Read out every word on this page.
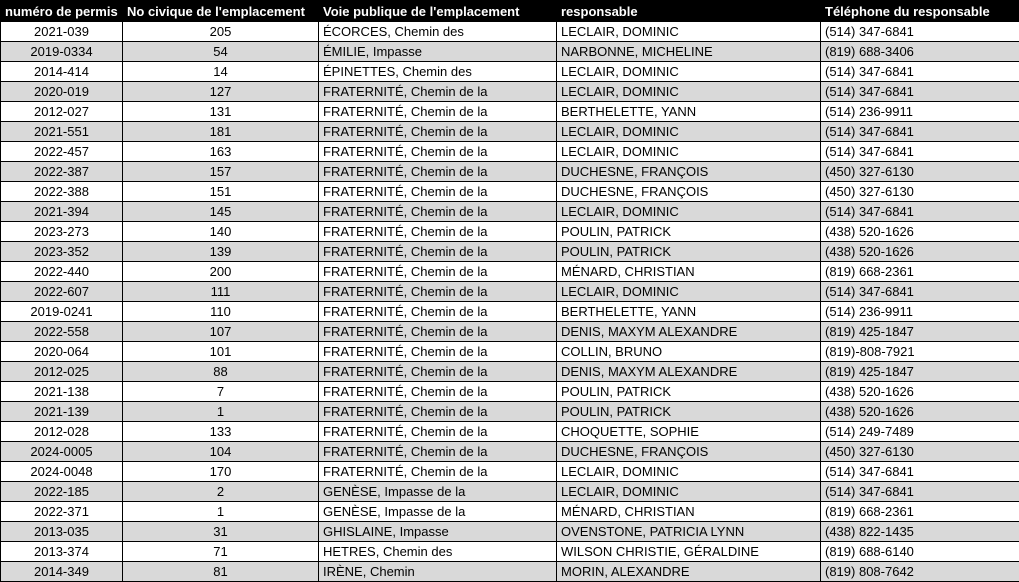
numéro de permis	No civique de l'emplacement	Voie publique de l'emplacement	responsable	Téléphone du responsable
2021-039	205	ÉCORCES, Chemin des	LECLAIR, DOMINIC	(514) 347-6841
2019-0334	54	ÉMILIE, Impasse	NARBONNE, MICHELINE	(819) 688-3406
2014-414	14	ÉPINETTES, Chemin des	LECLAIR, DOMINIC	(514) 347-6841
2020-019	127	FRATERNITÉ, Chemin de la	LECLAIR, DOMINIC	(514) 347-6841
2012-027	131	FRATERNITÉ, Chemin de la	BERTHELETTE, YANN	(514) 236-9911
2021-551	181	FRATERNITÉ, Chemin de la	LECLAIR, DOMINIC	(514) 347-6841
2022-457	163	FRATERNITÉ, Chemin de la	LECLAIR, DOMINIC	(514) 347-6841
2022-387	157	FRATERNITÉ, Chemin de la	DUCHESNE, FRANÇOIS	(450) 327-6130
2022-388	151	FRATERNITÉ, Chemin de la	DUCHESNE, FRANÇOIS	(450) 327-6130
2021-394	145	FRATERNITÉ, Chemin de la	LECLAIR, DOMINIC	(514) 347-6841
2023-273	140	FRATERNITÉ, Chemin de la	POULIN, PATRICK	(438) 520-1626
2023-352	139	FRATERNITÉ, Chemin de la	POULIN, PATRICK	(438) 520-1626
2022-440	200	FRATERNITÉ, Chemin de la	MÉNARD, CHRISTIAN	(819) 668-2361
2022-607	111	FRATERNITÉ, Chemin de la	LECLAIR, DOMINIC	(514) 347-6841
2019-0241	110	FRATERNITÉ, Chemin de la	BERTHELETTE, YANN	(514) 236-9911
2022-558	107	FRATERNITÉ, Chemin de la	DENIS, MAXYM ALEXANDRE	(819) 425-1847
2020-064	101	FRATERNITÉ, Chemin de la	COLLIN, BRUNO	(819)-808-7921
2012-025	88	FRATERNITÉ, Chemin de la	DENIS, MAXYM ALEXANDRE	(819) 425-1847
2021-138	7	FRATERNITÉ, Chemin de la	POULIN, PATRICK	(438) 520-1626
2021-139	1	FRATERNITÉ, Chemin de la	POULIN, PATRICK	(438) 520-1626
2012-028	133	FRATERNITÉ, Chemin de la	CHOQUETTE, SOPHIE	(514) 249-7489
2024-0005	104	FRATERNITÉ, Chemin de la	DUCHESNE, FRANÇOIS	(450) 327-6130
2024-0048	170	FRATERNITÉ, Chemin de la	LECLAIR, DOMINIC	(514) 347-6841
2022-185	2	GENÈSE, Impasse de la	LECLAIR, DOMINIC	(514) 347-6841
2022-371	1	GENÈSE, Impasse de la	MÉNARD, CHRISTIAN	(819) 668-2361
2013-035	31	GHISLAINE, Impasse	OVENSTONE, PATRICIA LYNN	(438) 822-1435
2013-374	71	HETRES, Chemin des	WILSON CHRISTIE, GÉRALDINE	(819) 688-6140
2014-349	81	IRÈNE, Chemin	MORIN, ALEXANDRE	(819) 808-7642
